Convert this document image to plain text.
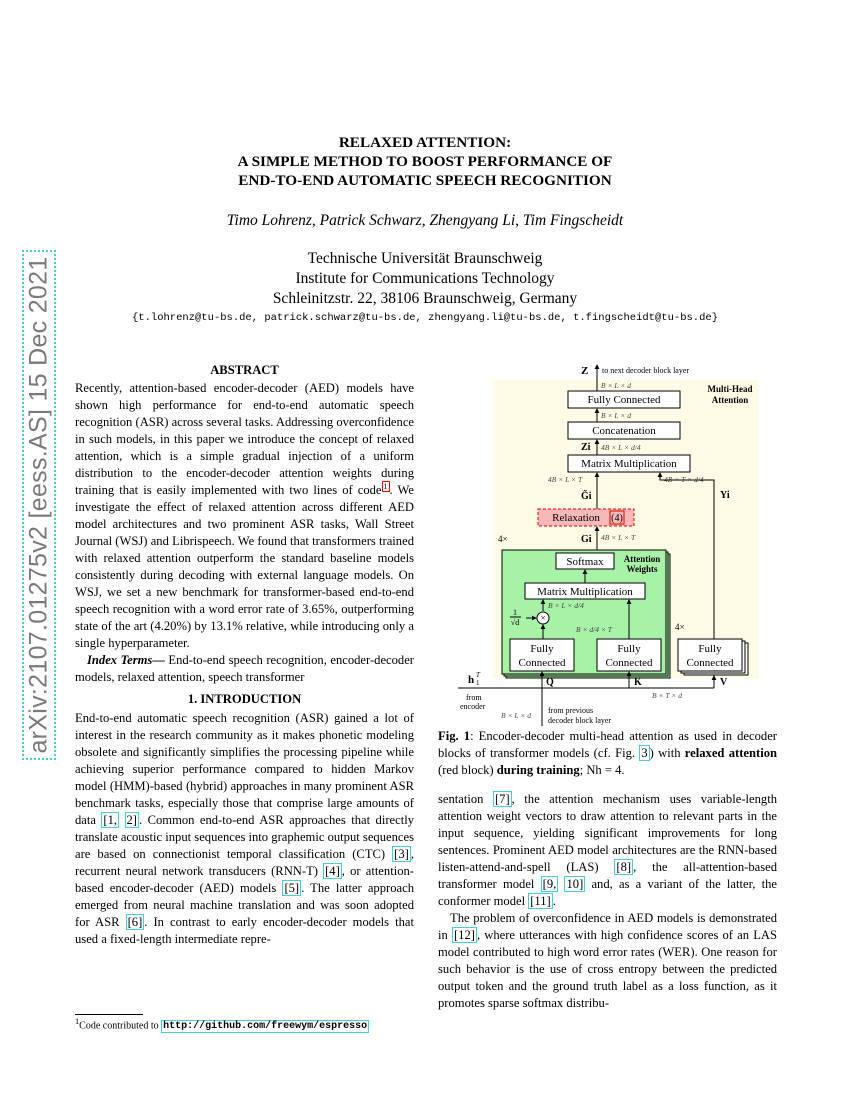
arXiv:2107.01275v2 [eess.AS] 15 Dec 2021
RELAXED ATTENTION:
A SIMPLE METHOD TO BOOST PERFORMANCE OF
END-TO-END AUTOMATIC SPEECH RECOGNITION
Timo Lohrenz, Patrick Schwarz, Zhengyang Li, Tim Fingscheidt
Technische Universität Braunschweig
Institute for Communications Technology
Schleinitzstr. 22, 38106 Braunschweig, Germany
{t.lohrenz@tu-bs.de, patrick.schwarz@tu-bs.de, zhengyang.li@tu-bs.de, t.fingscheidt@tu-bs.de}

ABSTRACT

Recently, attention-based encoder-decoder (AED) models have shown high performance for end-to-end automatic speech recognition (ASR) across several tasks. Addressing overconfidence in such models, in this paper we introduce the concept of relaxed attention, which is a simple gradual injection of a uniform distribution to the encoder-decoder attention weights during training that is easily implemented with two lines of code $^1$ . We investigate the effect of relaxed attention across different AED model architectures and two prominent ASR tasks, Wall Street Journal (WSJ) and Librispeech. We found that transformers trained with relaxed attention outperform the standard baseline models consistently during decoding with external language models. On WSJ, we set a new benchmark for transformer-based end-to-end speech recognition with a word error rate of 3.65%, outperforming state of the art (4.20%) by 13.1% relative, while introducing only a single hyperparameter.

Index Terms— End-to-end speech recognition, encoder-decoder models, relaxed attention, speech transformer

1. INTRODUCTION

End-to-end automatic speech recognition (ASR) gained a lot of interest in the research community as it makes phonetic modeling obsolete and significantly simplifies the processing pipeline while achieving superior performance compared to hidden Markov model (HMM)-based (hybrid) approaches in many prominent ASR benchmark tasks, especially those that comprise large amounts of data [1, 2] . Common end-to-end ASR approaches that directly translate acoustic input sequences into graphemic output sequences are based on connectionist temporal classification (CTC) [3] , recurrent neural network transducers (RNN-T) [4] , or attention-based encoder-decoder (AED) models [5] . The latter approach emerged from neural machine translation and was soon adopted for ASR [6] . In contrast to early encoder-decoder models that used a fixed-length intermediate repre-

$^1$Code contributed to http://github.com/freewym/espresso
Multi-Head
Attention
Z to next decoder block layer
B × L × d
Fully Connected
B × L × d
Concatenation
Zi 4B × L × d/4
Matrix Multiplication
4B × L × T
G̃i
4B × T × d/4
Yi
Relaxation (4)
4×	Gi 4B × L × T
Attention
Weights
Softmax
Matrix Multiplication
B × L × d/4
×
1
√d
B × d/4 × T
Fully
Connected
Fully
Connected
4×
Fully
Connected
h T
1	Q	K	V
B × T × d
from
encoder
B × L × d
from previous
decoder block layer
Fig. 1: Encoder-decoder multi-head attention as used in decoder blocks of transformer models (cf. Fig. 3 ) with relaxed attention (red block) during training; Nh = 4.

sentation [7] , the attention mechanism uses variable-length attention weight vectors to draw attention to relevant parts in the input sequence, yielding significant improvements for long sentences. Prominent AED model architectures are the RNN-based listen-attend-and-spell (LAS) [8] , the all-attention-based transformer model [9, 10] and, as a variant of the latter, the conformer model [11] .

The problem of overconfidence in AED models is demonstrated in [12] , where utterances with high confidence scores of an LAS model contributed to high word error rates (WER). One reason for such behavior is the use of cross entropy between the predicted output token and the ground truth label as a loss function, as it promotes sparse softmax distribu-
